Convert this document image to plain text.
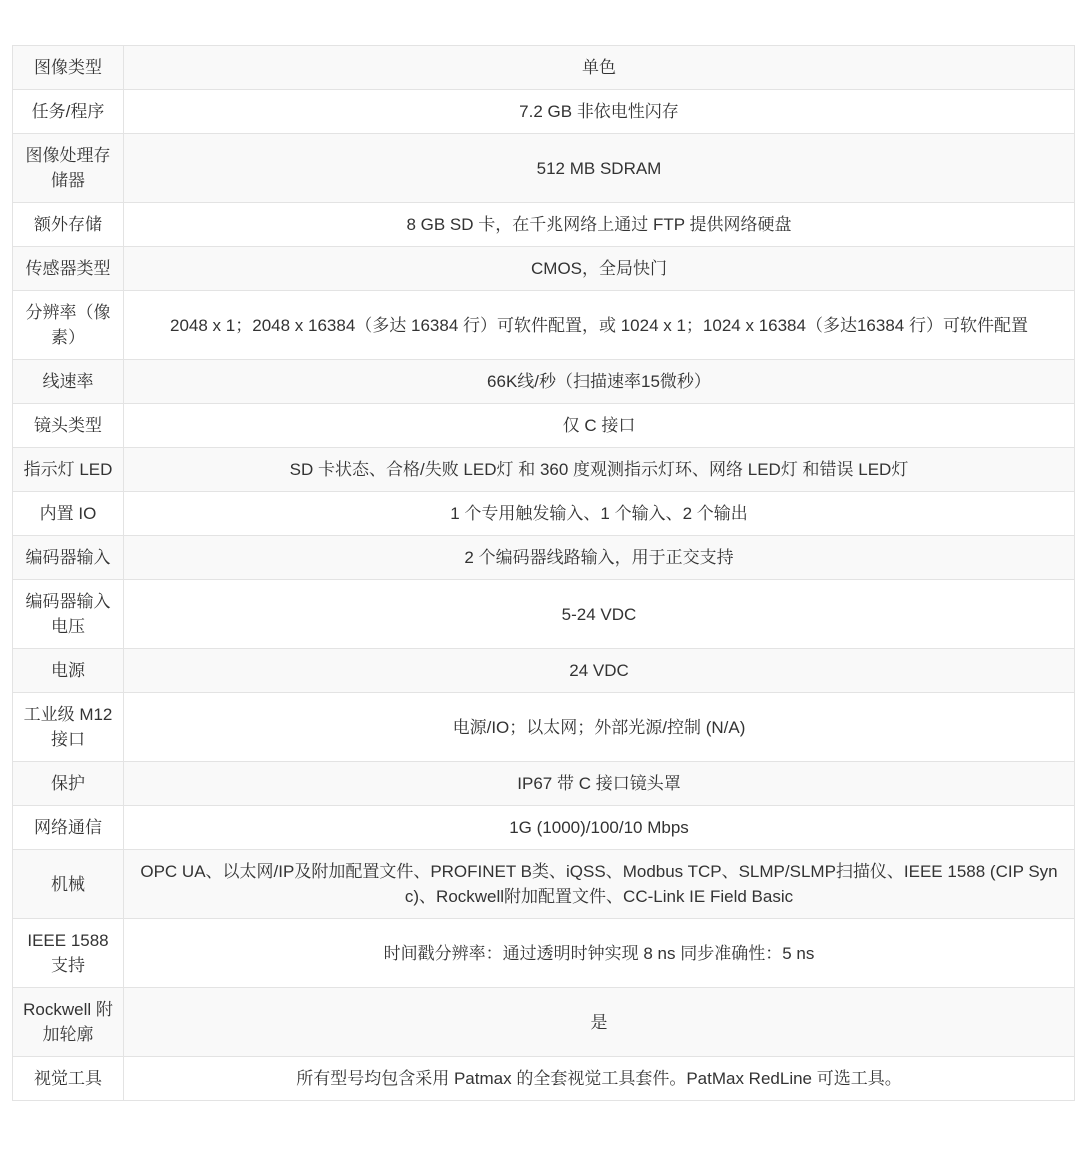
图像类型	单色
任务/程序	7.2 GB 非依电性闪存
图像处理存储器	512 MB SDRAM
额外存储	8 GB SD 卡，在千兆网络上通过 FTP 提供网络硬盘
传感器类型	CMOS，全局快门
分辨率（像素）	2048 x 1；2048 x 16384（多达 16384 行）可软件配置，或 1024 x 1；1024 x 16384（多达16384 行）可软件配置
线速率	66K线/秒（扫描速率15微秒）
镜头类型	仅 C 接口
指示灯 LED	SD 卡状态、合格/失败 LED灯 和 360 度观测指示灯环、网络 LED灯 和错误 LED灯
内置 IO	1 个专用触发输入、1 个输入、2 个输出
编码器输入	2 个编码器线路输入，用于正交支持
编码器输入电压	5-24 VDC
电源	24 VDC
工业级 M12 接口	电源/IO；以太网；外部光源/控制 (N/A)
保护	IP67 带 C 接口镜头罩
网络通信	1G (1000)/100/10 Mbps
机械	OPC UA、以太网/IP及附加配置文件、PROFINET B类、iQSS、Modbus TCP、SLMP/SLMP扫描仪、IEEE 1588 (CIP Sync)、Rockwell附加配置文件、CC-Link IE Field Basic
IEEE 1588 支持	时间戳分辨率：通过透明时钟实现 8 ns 同步准确性：5 ns
Rockwell 附加轮廓	是
视觉工具	所有型号均包含采用 Patmax 的全套视觉工具套件。PatMax RedLine 可选工具。
